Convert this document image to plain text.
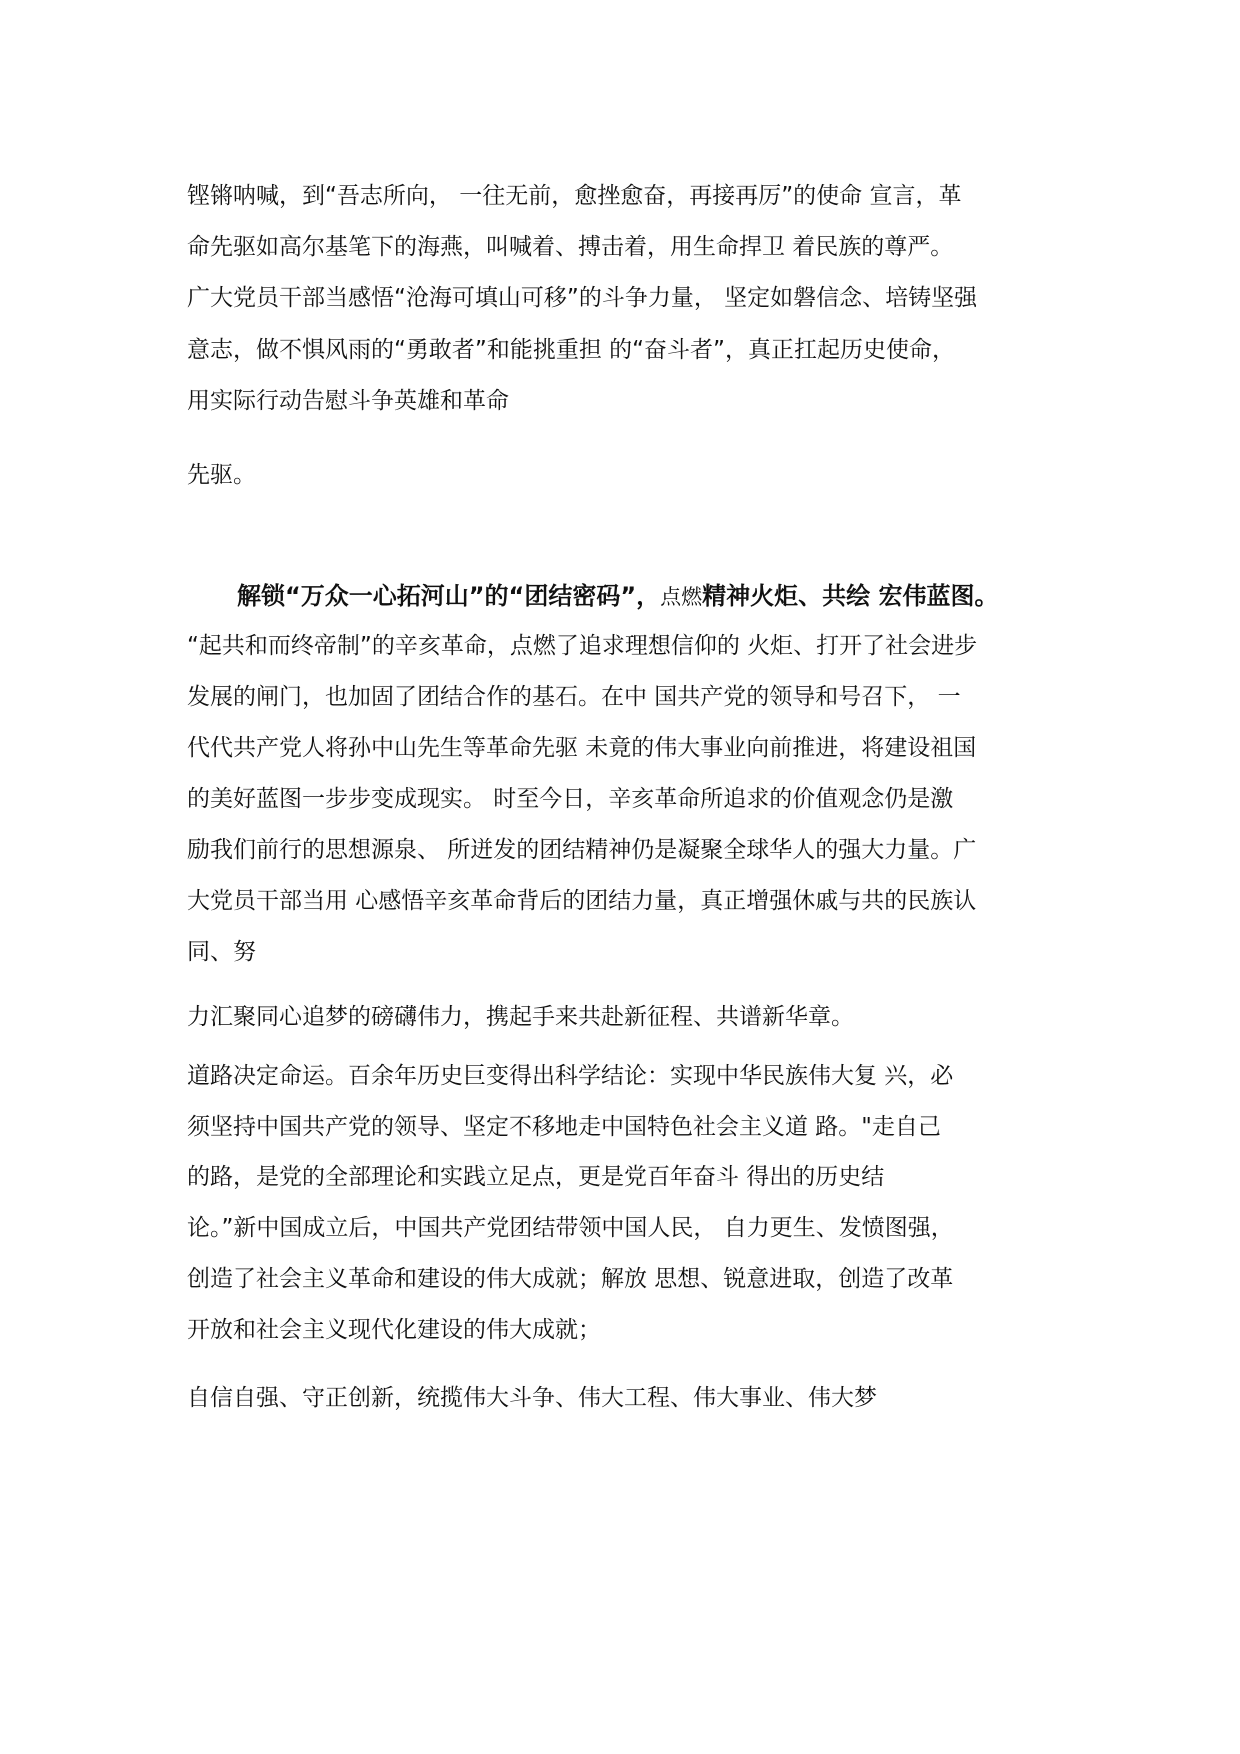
铿锵呐喊，到“吾志所向， 一往无前，愈挫愈奋，再接再厉”的使命 宣言，革
命先驱如高尔基笔下的海燕，叫喊着、搏击着，用生命捍卫 着民族的尊严。
广大党员干部当感悟“沧海可填山可移”的斗争力量， 坚定如磐信念、培铸坚强
意志，做不惧风雨的“勇敢者”和能挑重担 的“奋斗者”，真正扛起历史使命，
用实际行动告慰斗争英雄和革命
先驱。
解锁“万众一心拓河山”的“团结密码”，点燃精神火炬、共绘 宏伟蓝图。
“起共和而终帝制”的辛亥革命，点燃了追求理想信仰的 火炬、打开了社会进步
发展的闸门，也加固了团结合作的基石。在中 国共产党的领导和号召下， 一
代代共产党人将孙中山先生等革命先驱 未竟的伟大事业向前推进，将建设祖国
的美好蓝图一步步变成现实。 时至今日，辛亥革命所追求的价值观念仍是激
励我们前行的思想源泉、 所迸发的团结精神仍是凝聚全球华人的强大力量。广
大党员干部当用 心感悟辛亥革命背后的团结力量，真正增强休戚与共的民族认
同、努
力汇聚同心追梦的磅礴伟力，携起手来共赴新征程、共谱新华章。
道路决定命运。百余年历史巨变得出科学结论：实现中华民族伟大复 兴，必
须坚持中国共产党的领导、坚定不移地走中国特色社会主义道 路。"走自己
的路，是党的全部理论和实践立足点，更是党百年奋斗 得出的历史结
论。”新中国成立后，中国共产党团结带领中国人民， 自力更生、发愤图强，
创造了社会主义革命和建设的伟大成就；解放 思想、锐意进取，创造了改革
开放和社会主义现代化建设的伟大成就；
自信自强、守正创新，统揽伟大斗争、伟大工程、伟大事业、伟大梦
